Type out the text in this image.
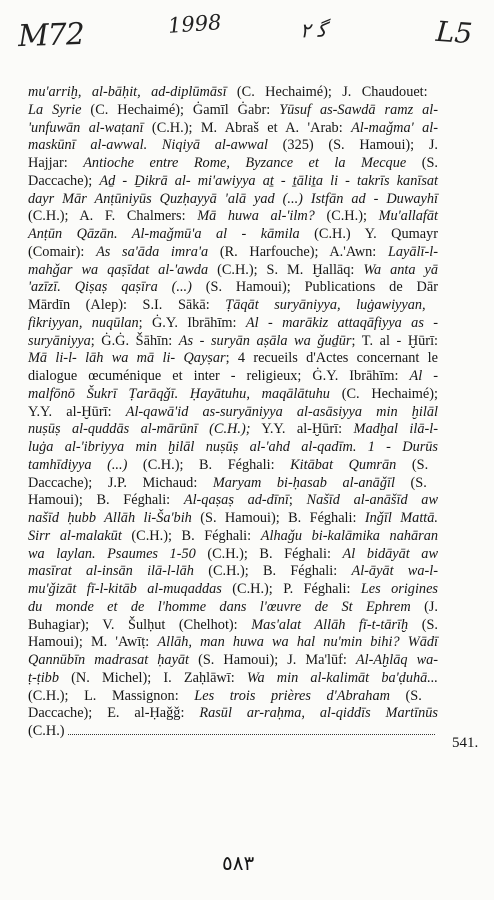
M72	1998	ﮔ ٢	L5
mu'arriḫ, al-bāḥit, ad-diplūmāsī (C. Hechaimé); J. Chaudouet:
La Syrie (C. Hechaimé); Ġamīl Ġabr: Yūsuf as-Sawdā ramz al-
'unfuwān al-waṭanī (C.H.); M. Abraš et A. 'Arab: Al-maǧma' al-
maskūnī al-awwal. Niqiyā al-awwal (325) (S. Hamoui); J.
Hajjar: Antioche entre Rome, Byzance et la Mecque (S.
Daccache); Aḏ - Ḏikrā al- mi'awiyya aṯ - ṯāliṯa li - takrīs kanīsat
dayr Mār Anṭūniyūs Quzḥayyā 'alā yad (...) Istfān ad - Duwayhī
(C.H.); A. F. Chalmers: Mā huwa al-'ilm? (C.H.); Mu'allafāt
Anṭūn Qāzān. Al-maǧmū'a al - kāmila (C.H.) Y. Qumayr
(Comair): As sa'āda imra'a (R. Harfouche); A.'Awn: Layālī-l-
mahǧar wa qaṣīdat al-'awda (C.H.); S. M. Ḫallāq: Wa anta yā
'azīzī. Qiṣaṣ qaṣīra (...) (S. Hamoui); Publications de Dār
Mārdīn (Alep): S.I. Sākā: Ṭāqāt suryāniyya, luġawiyyan,
fikriyyan, nuqūlan; Ġ.Y. Ibrāhīm: Al - marākiz attaqāfiyya as -
suryāniyya; Ġ.Ġ. Šāhīn: As - suryān aṣāla wa ǧuḏūr; T. al - Ḫūrī:
Mā li-l- lāh wa mā li- Qayṣar; 4 recueils d'Actes concernant le
dialogue œcuménique et inter - religieux; Ġ.Y. Ibrāhīm: Al -
malfōnō Šukrī Ṭarāqǧī. Ḥayātuhu, maqālātuhu (C. Hechaimé);
Y.Y. al-Ḫūrī: Al-qawā'id as-suryāniyya al-asāsiyya min ḫilāl
nuṣūṣ al-quddās al-mārūnī (C.H.); Y.Y. al-Ḫūrī: Madḫal ilā-l-
luġa al-'ibriyya min ḫilāl nuṣūṣ al-'ahd al-qadīm. 1 - Durūs
tamhīdiyya (...) (C.H.); B. Féghali: Kitābat Qumrān (S.
Daccache); J.P. Michaud: Maryam bi-ḥasab al-anāǧīl (S.
Hamoui); B. Féghali: Al-qaṣaṣ ad-dīnī; Našīd al-anāšīd aw
našīd ḥubb Allāh li-Ša'bih (S. Hamoui); B. Féghali: Inǧīl Mattā.
Sirr al-malakūt (C.H.); B. Féghali: Alhaǧu bi-kalāmika nahāran
wa laylan. Psaumes 1-50 (C.H.); B. Féghali: Al bidāyāt aw
masīrat al-insān ilā-l-lāh (C.H.); B. Féghali: Al-āyāt wa-l-
mu'ǧizāt fī-l-kitāb al-muqaddas (C.H.); P. Féghali: Les origines
du monde et de l'homme dans l'œuvre de St Ephrem (J.
Buhagiar); V. Šulḥut (Chelhot): Mas'alat Allāh fī-t-tārīḫ (S.
Hamoui); M. 'Awīṭ: Allāh, man huwa wa hal nu'min bihi? Wādī
Qannūbīn madrasat ḥayāt (S. Hamoui); J. Ma'lūf: Al-Aḫlāq wa-
ṭ-ṭibb (N. Michel); I. Zaḥlāwī: Wa min al-kalimāt ba'ḍuhā...
(C.H.); L. Massignon: Les trois prières d'Abraham (S.
Daccache); E. al-Ḥaǧǧ: Rasūl ar-raḥma, al-qiddīs Martīnūs
(C.H.)
541.
٥٨٣
